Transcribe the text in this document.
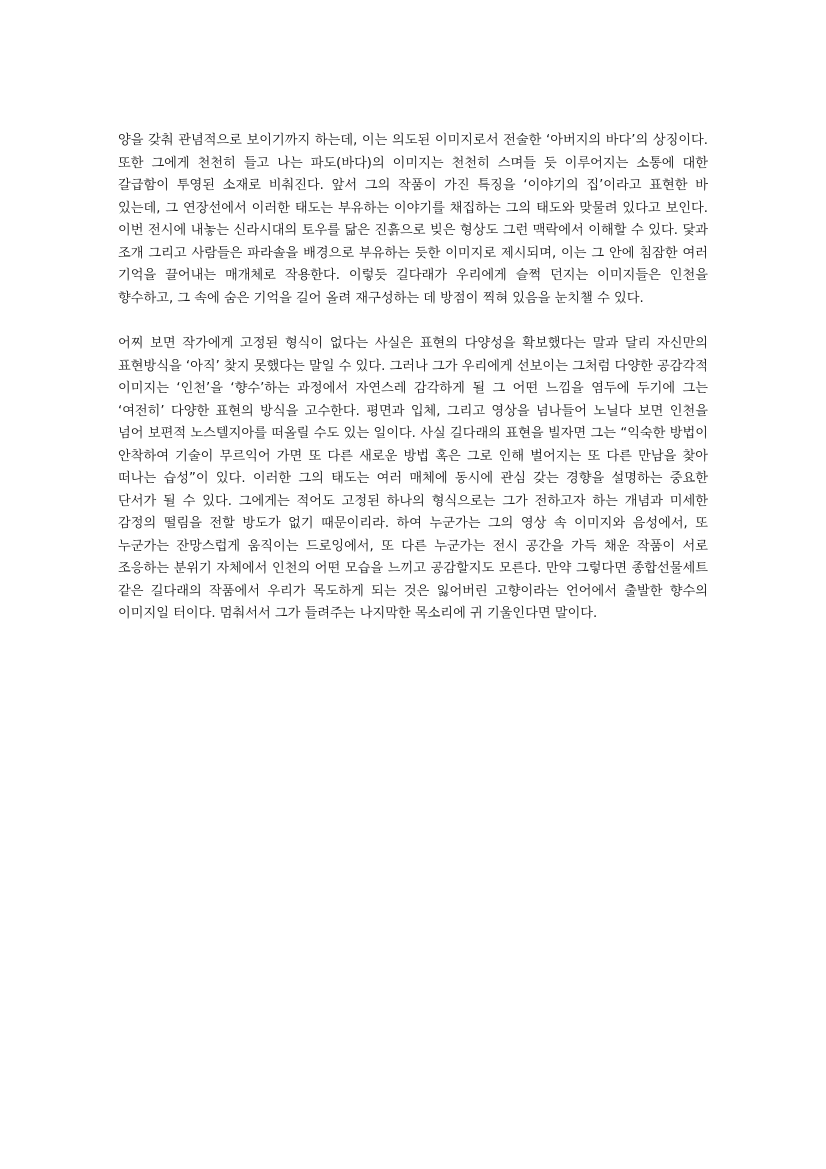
양을 갖춰 관념적으로 보이기까지 하는데, 이는 의도된 이미지로서 전술한 ‘아버지의 바다’의 상징이다. 또한 그에게 천천히 들고 나는 파도(바다)의 이미지는 천천히 스며들 듯 이루어지는 소통에 대한 갈급함이 투영된 소재로 비춰진다. 앞서 그의 작품이 가진 특징을 ‘이야기의 집’이라고 표현한 바 있는데, 그 연장선에서 이러한 태도는 부유하는 이야기를 채집하는 그의 태도와 맞물려 있다고 보인다. 이번 전시에 내놓는 신라시대의 토우를 닮은 진흙으로 빚은 형상도 그런 맥락에서 이해할 수 있다. 닻과 조개 그리고 사람들은 파라솔을 배경으로 부유하는 듯한 이미지로 제시되며, 이는 그 안에 침잠한 여러 기억을 끌어내는 매개체로 작용한다. 이렇듯 길다래가 우리에게 슬쩍 던지는 이미지들은 인천을 향수하고, 그 속에 숨은 기억을 길어 올려 재구성하는 데 방점이 찍혀 있음을 눈치챌 수 있다.

어찌 보면 작가에게 고정된 형식이 없다는 사실은 표현의 다양성을 확보했다는 말과 달리 자신만의 표현방식을 ‘아직’ 찾지 못했다는 말일 수 있다. 그러나 그가 우리에게 선보이는 그처럼 다양한 공감각적 이미지는 ‘인천’을 ‘향수’하는 과정에서 자연스레 감각하게 될 그 어떤 느낌을 염두에 두기에 그는 ‘여전히’ 다양한 표현의 방식을 고수한다. 평면과 입체, 그리고 영상을 넘나들어 노닐다 보면 인천을 넘어 보편적 노스텔지아를 떠올릴 수도 있는 일이다. 사실 길다래의 표현을 빌자면 그는 “익숙한 방법이 안착하여 기술이 무르익어 가면 또 다른 새로운 방법 혹은 그로 인해 벌어지는 또 다른 만남을 찾아 떠나는 습성”이 있다. 이러한 그의 태도는 여러 매체에 동시에 관심 갖는 경향을 설명하는 중요한 단서가 될 수 있다. 그에게는 적어도 고정된 하나의 형식으로는 그가 전하고자 하는 개념과 미세한 감정의 떨림을 전할 방도가 없기 때문이리라. 하여 누군가는 그의 영상 속 이미지와 음성에서, 또 누군가는 잔망스럽게 움직이는 드로잉에서, 또 다른 누군가는 전시 공간을 가득 채운 작품이 서로 조응하는 분위기 자체에서 인천의 어떤 모습을 느끼고 공감할지도 모른다. 만약 그렇다면 종합선물세트 같은 길다래의 작품에서 우리가 목도하게 되는 것은 잃어버린 고향이라는 언어에서 출발한 향수의 이미지일 터이다. 멈춰서서 그가 들려주는 나지막한 목소리에 귀 기울인다면 말이다.
